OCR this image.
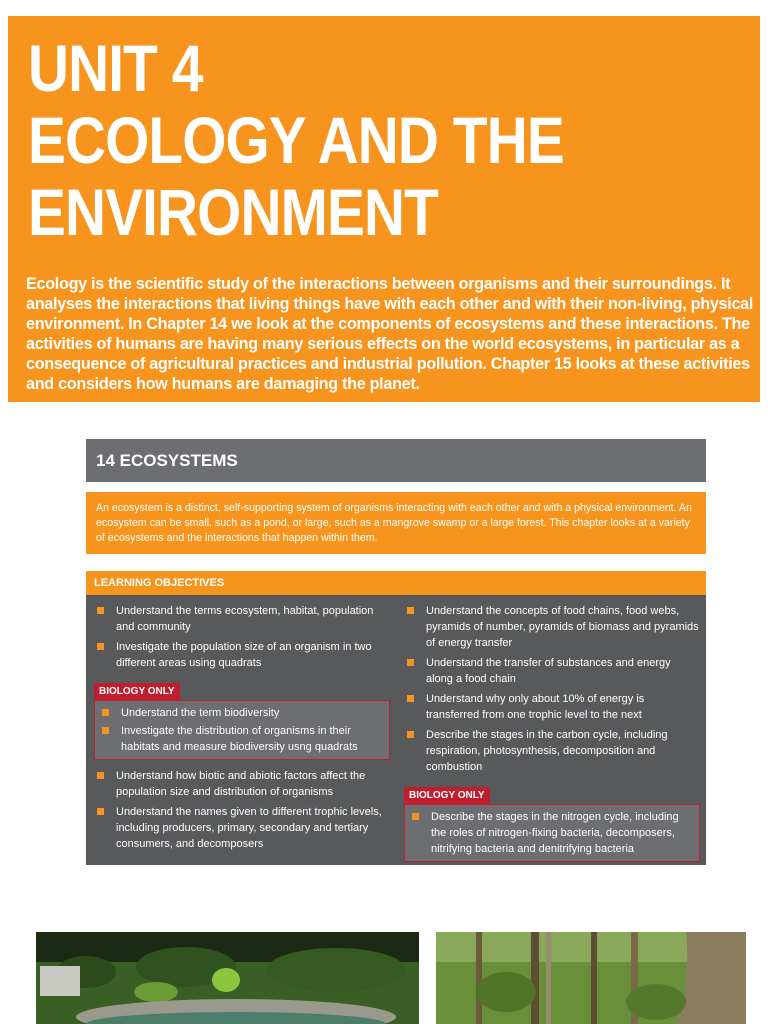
UNIT 4
ECOLOGY AND THE
ENVIRONMENT

Ecology is the scientific study of the interactions between organisms and their surroundings. It analyses the interactions that living things have with each other and with their non-living, physical environment. In Chapter 14 we look at the components of ecosystems and these interactions. The activities of humans are having many serious effects on the world ecosystems, in particular as a consequence of agricultural practices and industrial pollution. Chapter 15 looks at these activities and considers how humans are damaging the planet.

14 ECOSYSTEMS
An ecosystem is a distinct, self-supporting system of organisms interacting with each other and with a physical environment. An ecosystem can be small, such as a pond, or large, such as a mangrove swamp or a large forest. This chapter looks at a variety of ecosystems and the interactions that happen within them.
LEARNING OBJECTIVES
Understand the terms ecosystem, habitat, population and community
Investigate the population size of an organism in two different areas using quadrats
BIOLOGY ONLY
Understand the term biodiversity
Investigate the distribution of organisms in their habitats and measure biodiversity usng quadrats
Understand how biotic and abiotic factors affect the population size and distribution of organisms
Understand the names given to different trophic levels, including producers, primary, secondary and tertiary consumers, and decomposers
Understand the concepts of food chains, food webs, pyramids of number, pyramids of biomass and pyramids of energy transfer
Understand the transfer of substances and energy along a food chain
Understand why only about 10% of energy is transferred from one trophic level to the next
Describe the stages in the carbon cycle, including respiration, photosynthesis, decomposition and combustion
BIOLOGY ONLY
Describe the stages in the nitrogen cycle, including the roles of nitrogen-fixing bacteria, decomposers, nitrifying bacteria and denitrifying bacteria
